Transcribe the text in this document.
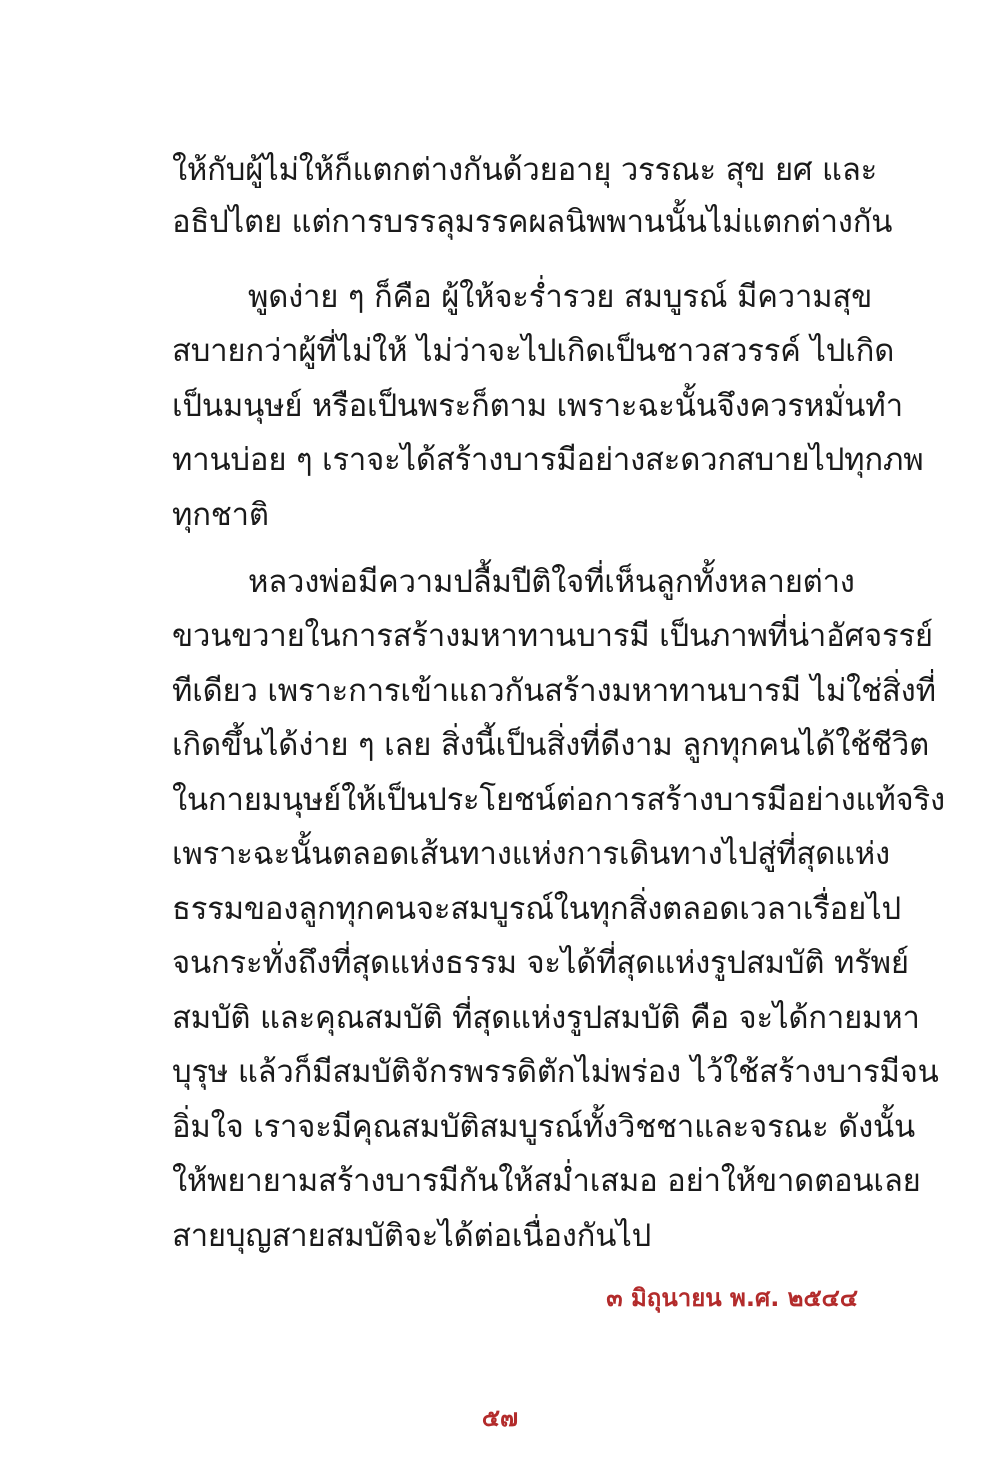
ให้กับผู้ไม่ให้ก็แตกต่างกันด้วยอายุ วรรณะ สุข ยศ และ
อธิปไตย แต่การบรรลุมรรคผลนิพพานนั้นไม่แตกต่างกัน
พูดง่าย ๆ ก็คือ ผู้ให้จะร่ำรวย สมบูรณ์ มีความสุข
สบายกว่าผู้ที่ไม่ให้ ไม่ว่าจะไปเกิดเป็นชาวสวรรค์ ไปเกิด
เป็นมนุษย์ หรือเป็นพระก็ตาม เพราะฉะนั้นจึงควรหมั่นทำ
ทานบ่อย ๆ เราจะได้สร้างบารมีอย่างสะดวกสบายไปทุกภพ
ทุกชาติ
หลวงพ่อมีความปลื้มปีติใจที่เห็นลูกทั้งหลายต่าง
ขวนขวายในการสร้างมหาทานบารมี เป็นภาพที่น่าอัศจรรย์
ทีเดียว เพราะการเข้าแถวกันสร้างมหาทานบารมี ไม่ใช่สิ่งที่
เกิดขึ้นได้ง่าย ๆ เลย สิ่งนี้เป็นสิ่งที่ดีงาม ลูกทุกคนได้ใช้ชีวิต
ในกายมนุษย์ให้เป็นประโยชน์ต่อการสร้างบารมีอย่างแท้จริง
เพราะฉะนั้นตลอดเส้นทางแห่งการเดินทางไปสู่ที่สุดแห่ง
ธรรมของลูกทุกคนจะสมบูรณ์ในทุกสิ่งตลอดเวลาเรื่อยไป
จนกระทั่งถึงที่สุดแห่งธรรม จะได้ที่สุดแห่งรูปสมบัติ ทรัพย์
สมบัติ และคุณสมบัติ ที่สุดแห่งรูปสมบัติ คือ จะได้กายมหา
บุรุษ แล้วก็มีสมบัติจักรพรรดิตักไม่พร่อง ไว้ใช้สร้างบารมีจน
อิ่มใจ เราจะมีคุณสมบัติสมบูรณ์ทั้งวิชชาและจรณะ ดังนั้น
ให้พยายามสร้างบารมีกันให้สม่ำเสมอ อย่าให้ขาดตอนเลย
สายบุญสายสมบัติจะได้ต่อเนื่องกันไป
๓ มิถุนายน พ.ศ. ๒๕๔๔
๕๗
